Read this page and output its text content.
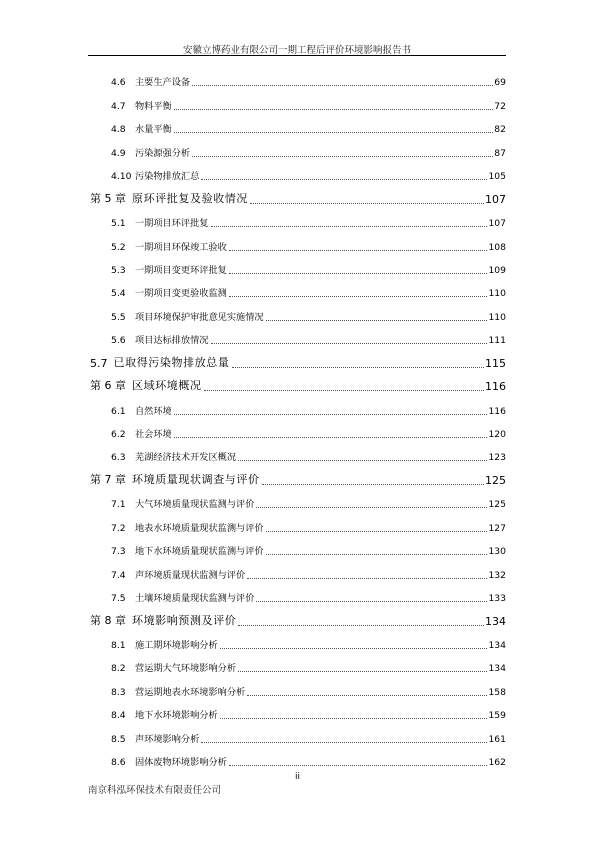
安徽立博药业有限公司一期工程后评价环境影响报告书
4.6	主要生产设备	69
4.7	物料平衡	72
4.8	水量平衡	82
4.9	污染源强分析	87
4.10 污染物排放汇总	105
第 5 章 原环评批复及验收情况	107
5.1	一期项目环评批复	107
5.2	一期项目环保竣工验收	108
5.3	一期项目变更环评批复	109
5.4	一期项目变更验收监测	110
5.5	项目环境保护审批意见实施情况	110
5.6	项目达标排放情况	111
5.7 已取得污染物排放总量	115
第 6 章 区域环境概况	116
6.1	自然环境	116
6.2	社会环境	120
6.3	芜湖经济技术开发区概况	123
第 7 章 环境质量现状调查与评价	125
7.1	大气环境质量现状监测与评价	125
7.2	地表水环境质量现状监测与评价	127
7.3	地下水环境质量现状监测与评价	130
7.4	声环境质量现状监测与评价	132
7.5	土壤环境质量现状监测与评价	133
第 8 章 环境影响预测及评价	134
8.1	施工期环境影响分析	134
8.2	营运期大气环境影响分析	134
8.3	营运期地表水环境影响分析	158
8.4	地下水环境影响分析	159
8.5	声环境影响分析	161
8.6	固体废物环境影响分析	162
ii
南京科泓环保技术有限责任公司
